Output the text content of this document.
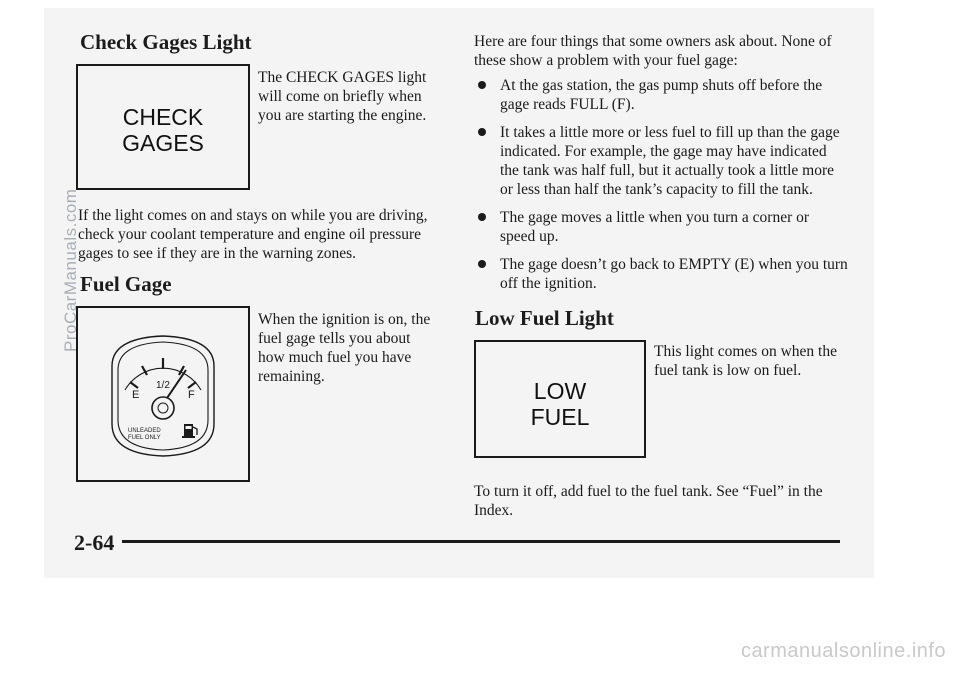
Check Gages Light
CHECK
GAGES

The CHECK GAGES light will come on briefly when you are starting the engine.

If the light comes on and stays on while you are driving, check your coolant temperature and engine oil pressure gages to see if they are in the warning zones.

Fuel Gage
E
1/2
F
UNLEADED
FUEL ONLY

When the ignition is on, the fuel gage tells you about how much fuel you have remaining.

Here are four things that some owners ask about. None of these show a problem with your fuel gage:

At the gas station, the gas pump shuts off before the gage reads FULL (F).
It takes a little more or less fuel to fill up than the gage indicated. For example, the gage may have indicated the tank was half full, but it actually took a little more or less than half the tank’s capacity to fill the tank.
The gage moves a little when you turn a corner or speed up.
The gage doesn’t go back to EMPTY (E) when you turn off the ignition.
Low Fuel Light
LOW
FUEL

This light comes on when the fuel tank is low on fuel.

To turn it off, add fuel to the fuel tank. See “Fuel” in the Index.

2-64
ProCarManuals.com
carmanualsonline.info
